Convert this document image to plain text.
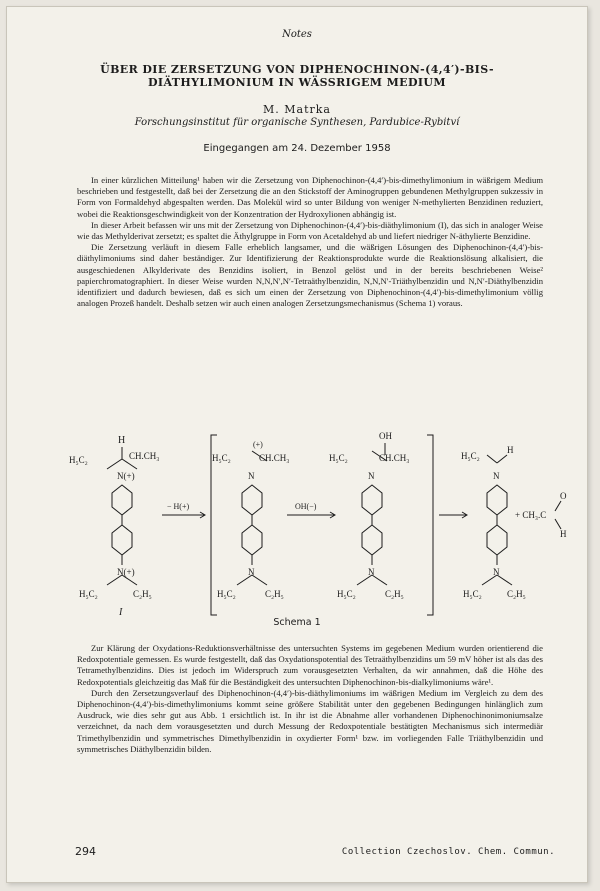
Notes
ÜBER DIE ZERSETZUNG VON DIPHENOCHINON-(4,4′)-BIS-DIÄTHYLIMONIUM IN WÄSSRIGEM MEDIUM
M. Matrka
Forschungsinstitut für organische Synthesen, Pardubice-Rybitví
Eingegangen am 24. Dezember 1958

In einer kürzlichen Mitteilung¹ haben wir die Zersetzung von Diphenochinon-(4,4′)-bis-dimethylimonium in wäßrigem Medium beschrieben und festgestellt, daß bei der Zersetzung die an den Stickstoff der Aminogruppen gebundenen Methylgruppen sukzessiv in Form von Formaldehyd abgespalten werden. Das Molekül wird so unter Bildung von weniger N-methylierten Benzidinen reduziert, wobei die Reaktionsgeschwindigkeit von der Konzentration der Hydroxylionen abhängig ist.

In dieser Arbeit befassen wir uns mit der Zersetzung von Diphenochinon-(4,4′)-bis-diäthylimonium (I), das sich in analoger Weise wie das Methylderivat zersetzt; es spaltet die Äthylgruppe in Form von Acetaldehyd ab und liefert niedriger N-äthylierte Benzidine.

Die Zersetzung verläuft in diesem Falle erheblich langsamer, und die wäßrigen Lösungen des Diphenochinon-(4,4′)-bis-diäthylimoniums sind daher beständiger. Zur Identifizierung der Reaktionsprodukte wurde die Reaktionslösung alkalisiert, die ausgeschiedenen Alkylderivate des Benzidins isoliert, in Benzol gelöst und in der bereits beschriebenen Weise² papierchromatographiert. In dieser Weise wurden N,N,N′,N′-Tetraäthylbenzidin, N,N,N′-Triäthylbenzidin und N,N′-Diäthylbenzidin identifiziert und dadurch bewiesen, daß es sich um einen der Zersetzung von Diphenochinon-(4,4′)-bis-dimethylimonium völlig analogen Prozeß handelt. Deshalb setzen wir auch einen analogen Zersetzungsmechanismus (Schema 1) voraus.

H
H₅C₂	CH.CH₃
N(+)
N(+)
H₅C₂	C₂H₅
I
− H(+)
(+)
H₅C₂	CH.CH₃
N
N
H₅C₂	C₂H₅
OH(−)
OH
H₅C₂	CH.CH₃
N
N
H₅C₂	C₂H₅
H₅C₂
H
N
N
H₅C₂	C₂H₅
+ CH₃.C
O
H
Schema 1

Zur Klärung der Oxydations-Reduktionsverhältnisse des untersuchten Systems im gegebenen Medium wurden orientierend die Redoxpotentiale gemessen. Es wurde festgestellt, daß das Oxydationspotential des Tetraäthylbenzidins um 59 mV höher ist als das des Tetramethylbenzidins. Dies ist jedoch im Widerspruch zum vorausgesetzten Verhalten, da wir annahmen, daß die Höhe des Redoxpotentials gleichzeitig das Maß für die Beständigkeit des untersuchten Diphenochinon-bis-dialkylimoniums wäre¹.

Durch den Zersetzungsverlauf des Diphenochinon-(4,4′)-bis-diäthylimoniums im wäßrigen Medium im Vergleich zu dem des Diphenochinon-(4,4′)-bis-dimethylimoniums kommt seine größere Stabilität unter den gegebenen Bedingungen hinlänglich zum Ausdruck, wie dies sehr gut aus Abb. 1 ersichtlich ist. In ihr ist die Abnahme aller vorhandenen Diphenochinonimoniumsalze verzeichnet, da nach dem vorausgesetzten und durch Messung der Redoxpotentiale bestätigten Mechanismus sich intermediär Trimethylbenzidin und symmetrisches Dimethylbenzidin in oxydierter Form¹ bzw. im vorliegenden Falle Triäthylbenzidin und symmetrisches Diäthylbenzidin bilden.

294	Collection Czechoslov. Chem. Commun.
